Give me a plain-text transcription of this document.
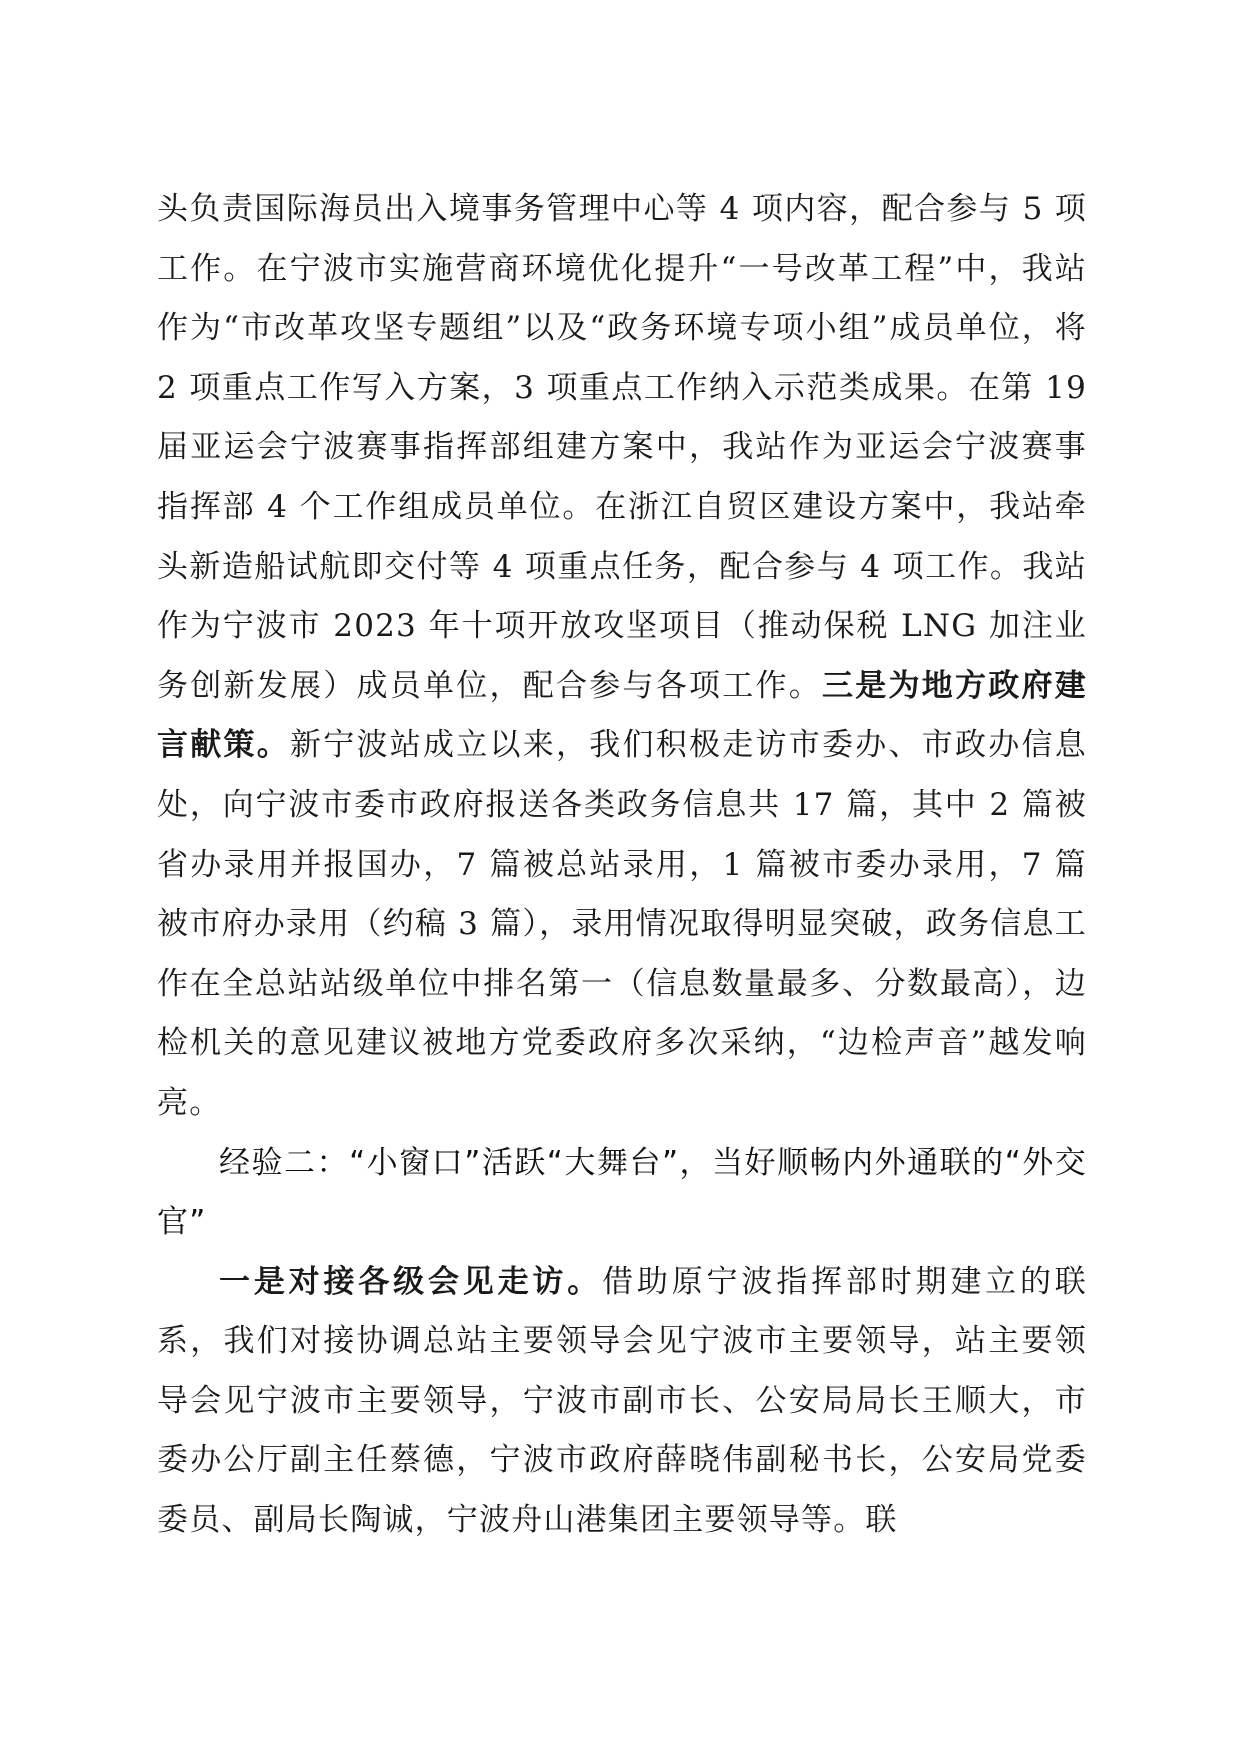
头负责国际海员出入境事务管理中心等 4 项内容，配合参与 5 项工作。在宁波市实施营商环境优化提升“一号改革工程”中，我站作为“市改革攻坚专题组”以及“政务环境专项小组”成员单位，将 2 项重点工作写入方案，3 项重点工作纳入示范类成果。在第 19 届亚运会宁波赛事指挥部组建方案中，我站作为亚运会宁波赛事指挥部 4 个工作组成员单位。在浙江自贸区建设方案中，我站牵头新造船试航即交付等 4 项重点任务，配合参与 4 项工作。我站作为宁波市 2023 年十项开放攻坚项目（推动保税 LNG 加注业务创新发展）成员单位，配合参与各项工作。三是为地方政府建言献策。新宁波站成立以来，我们积极走访市委办、市政办信息处，向宁波市委市政府报送各类政务信息共 17 篇，其中 2 篇被省办录用并报国办，7 篇被总站录用，1 篇被市委办录用，7 篇被市府办录用（约稿 3 篇），录用情况取得明显突破，政务信息工作在全总站站级单位中排名第一（信息数量最多、分数最高），边检机关的意见建议被地方党委政府多次采纳，“边检声音”越发响亮。

经验二：“小窗口”活跃“大舞台”，当好顺畅内外通联的“外交官”

一是对接各级会见走访。借助原宁波指挥部时期建立的联系，我们对接协调总站主要领导会见宁波市主要领导，站主要领导会见宁波市主要领导，宁波市副市长、公安局局长王顺大，市委办公厅副主任蔡德，宁波市政府薛晓伟副秘书长，公安局党委委员、副局长陶诚，宁波舟山港集团主要领导等。联
